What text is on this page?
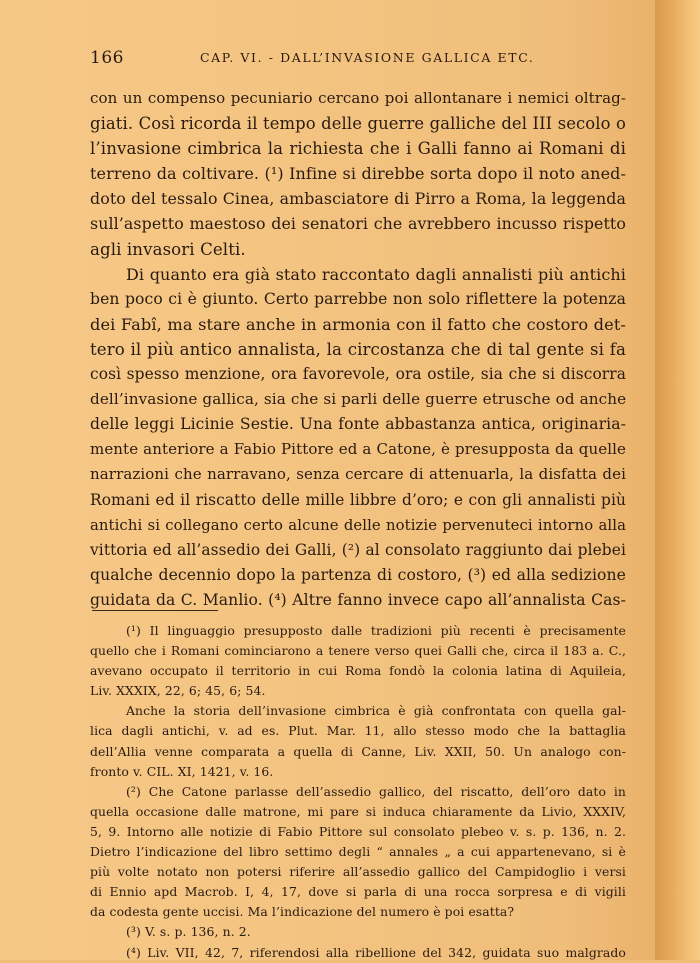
166	CAP. VI. - DALL’INVASIONE GALLICA ETC.
con un compenso pecuniario cercano poi allontanare i nemici oltrag-
giati. Così ricorda il tempo delle guerre galliche del III secolo o
l’invasione cimbrica la richiesta che i Galli fanno ai Romani di
terreno da coltivare. (¹) Infine si direbbe sorta dopo il noto aned-
doto del tessalo Cinea, ambasciatore di Pirro a Roma, la leggenda
sull’aspetto maestoso dei senatori che avrebbero incusso rispetto
agli invasori Celti.
Di quanto era già stato raccontato dagli annalisti più antichi
ben poco ci è giunto. Certo parrebbe non solo riflettere la potenza
dei Fabî, ma stare anche in armonia con il fatto che costoro det-
tero il più antico annalista, la circostanza che di tal gente si fa
così spesso menzione, ora favorevole, ora ostile, sia che si discorra
dell’invasione gallica, sia che si parli delle guerre etrusche od anche
delle leggi Licinie Sestie. Una fonte abbastanza antica, originaria-
mente anteriore a Fabio Pittore ed a Catone, è presupposta da quelle
narrazioni che narravano, senza cercare di attenuarla, la disfatta dei
Romani ed il riscatto delle mille libbre d’oro; e con gli annalisti più
antichi si collegano certo alcune delle notizie pervenuteci intorno alla
vittoria ed all’assedio dei Galli, (²) al consolato raggiunto dai plebei
qualche decennio dopo la partenza di costoro, (³) ed alla sedizione
guidata da C. Manlio. (⁴) Altre fanno invece capo all’annalista Cas-
(¹) Il linguaggio presupposto dalle tradizioni più recenti è precisamente
quello che i Romani cominciarono a tenere verso quei Galli che, circa il 183 a. C.,
avevano occupato il territorio in cui Roma fondò la colonia latina di Aquileia,
Liv. XXXIX, 22, 6; 45, 6; 54.
Anche la storia dell’invasione cimbrica è già confrontata con quella gal-
lica dagli antichi, v. ad es. Plut. Mar. 11, allo stesso modo che la battaglia
dell’Allia venne comparata a quella di Canne, Liv. XXII, 50. Un analogo con-
fronto v. CIL. XI, 1421, v. 16.
(²) Che Catone parlasse dell’assedio gallico, del riscatto, dell’oro dato in
quella occasione dalle matrone, mi pare si induca chiaramente da Livio, XXXIV,
5, 9. Intorno alle notizie di Fabio Pittore sul consolato plebeo v. s. p. 136, n. 2.
Dietro l’indicazione del libro settimo degli “ annales „ a cui appartenevano, si è
più volte notato non potersi riferire all’assedio gallico del Campidoglio i versi
di Ennio apd Macrob. I, 4, 17, dove si parla di una rocca sorpresa e di vigili
da codesta gente uccisi. Ma l’indicazione del numero è poi esatta?
(³) V. s. p. 136, n. 2.
(⁴) Liv. VII, 42, 7, riferendosi alla ribellione del 342, guidata suo malgrado
